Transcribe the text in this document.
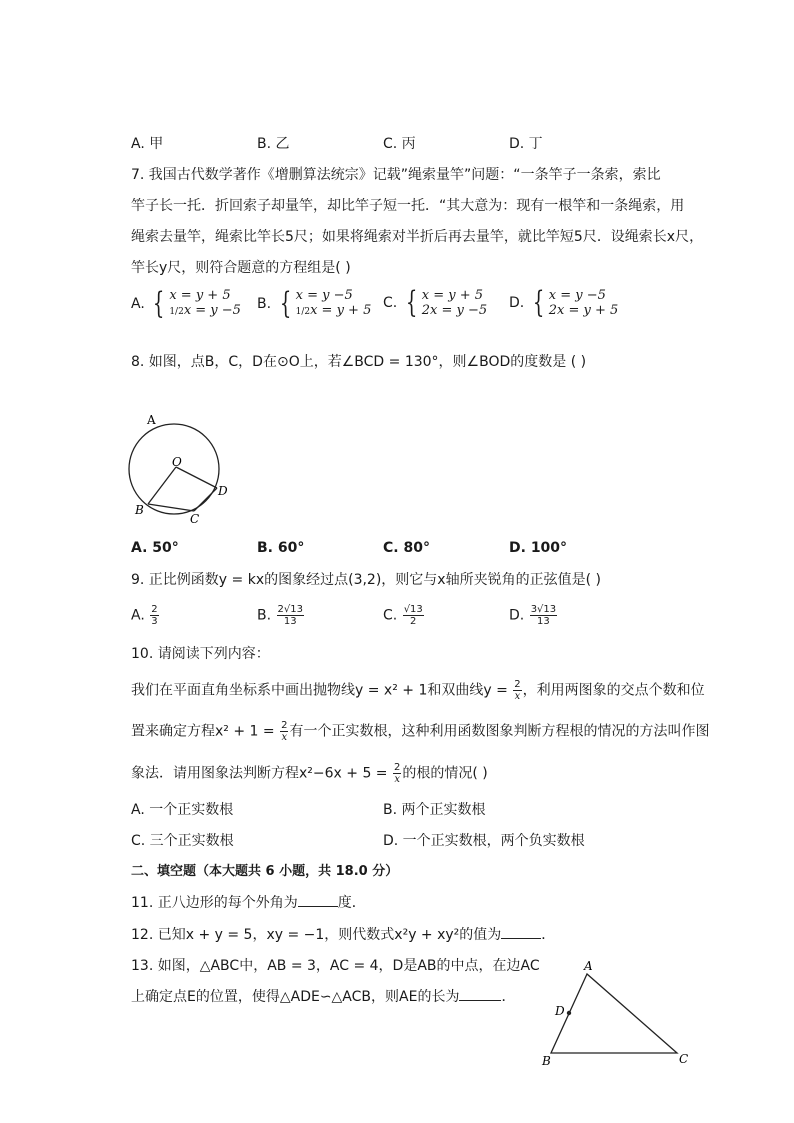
A. 甲	B. 乙	C. 丙	D. 丁
7. 我国古代数学著作《增删算法统宗》记载”绳索量竿”问题：“一条竿子一条索，索比
竿子长一托．折回索子却量竿，却比竿子短一托．“其大意为：现有一根竿和一条绳索，用
绳索去量竿，绳索比竿长5尺；如果将绳索对半折后再去量竿，就比竿短5尺．设绳索长x尺，
竿长y尺，则符合题意的方程组是( )
A. { x = y + 5
1/2x = y −5 B. { x = y −5
1/2x = y + 5 C. { x = y + 5
2x = y −5 D. { x = y −5
2x = y + 5
8. 如图，点B，C，D在⊙O上，若∠BCD = 130°，则∠BOD的度数是 ( )
A
O
D
B
C
A. 50°	B. 60°	C. 80°	D. 100°
9. 正比例函数y = kx的图象经过点(3,2)，则它与x轴所夹锐角的正弦值是( )
A. $\frac{2}{3}$	B. $\frac{2√13}{13}$	C. $\frac{√13}{2}$	D. $\frac{3√13}{13}$
10. 请阅读下列内容：
我们在平面直角坐标系中画出抛物线y = x² + 1和双曲线$y = \frac{2}{x}$ ，利用两图象的交点个数和位
置来确定方程$x^2 + 1 = \frac{2}{x}$ 有一个正实数根，这种利用函数图象判断方程根的情况的方法叫作图
象法．请用图象法判断方程$x^2-6x + 5 = \frac{2}{x}$ 的根的情况( )
A. 一个正实数根	B. 两个正实数根
C. 三个正实数根	D. 一个正实数根，两个负实数根
二、填空题（本大题共 6 小题，共 18.0 分）
11. 正八边形的每个外角为	度．
12. 已知x + y = 5，xy = −1，则代数式x²y + xy²的值为	．
13. 如图，△ABC中，AB = 3，AC = 4，D是AB的中点，在边AC
上确定点E的位置，使得△ADE∽△ACB，则AE的长为	．
A
D
B	C
